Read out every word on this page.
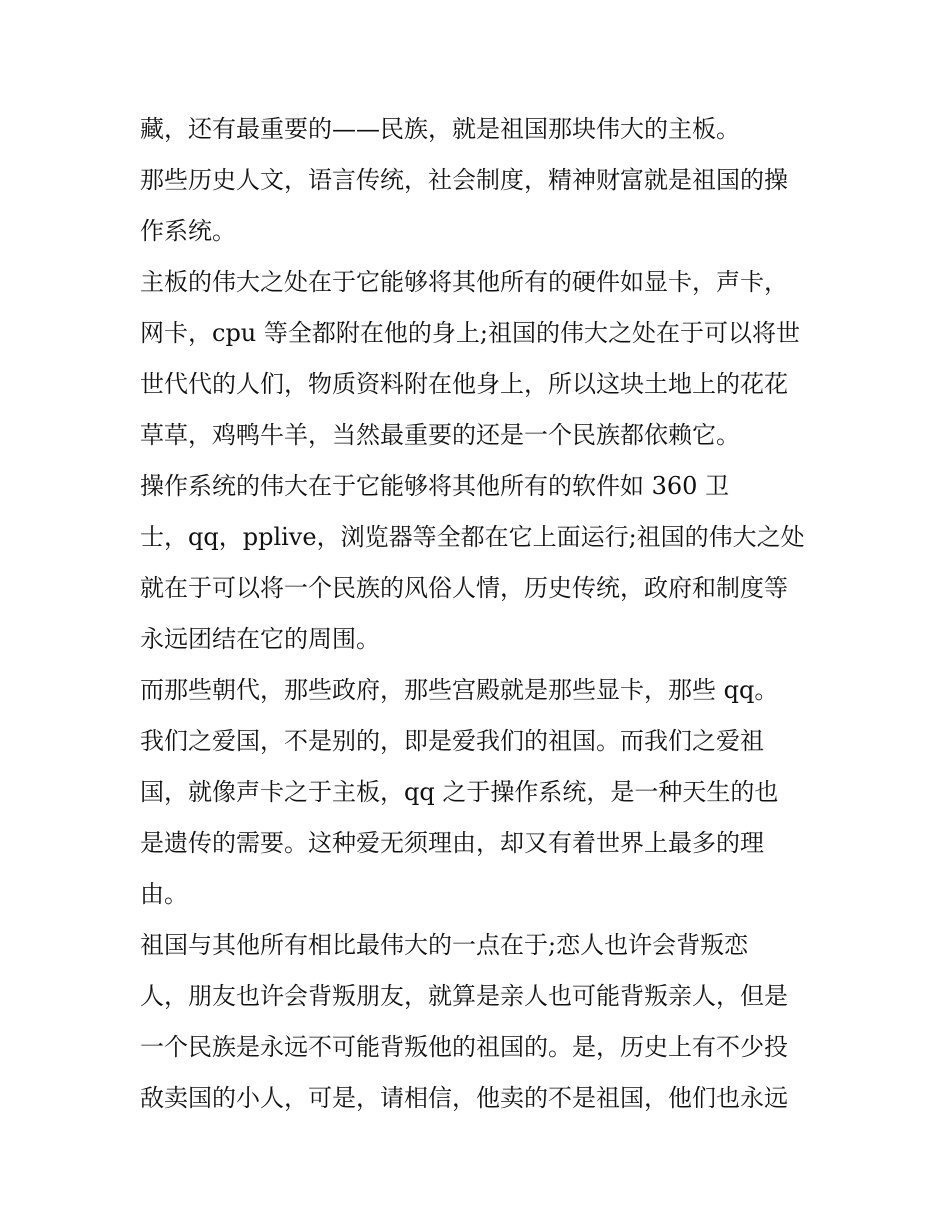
藏，还有最重要的——民族，就是祖国那块伟大的主板。
那些历史人文，语言传统，社会制度，精神财富就是祖国的操
作系统。
主板的伟大之处在于它能够将其他所有的硬件如显卡，声卡，
网卡，cpu 等全都附在他的身上;祖国的伟大之处在于可以将世
世代代的人们，物质资料附在他身上，所以这块土地上的花花
草草，鸡鸭牛羊，当然最重要的还是一个民族都依赖它。
操作系统的伟大在于它能够将其他所有的软件如 360 卫
士，qq，pplive，浏览器等全都在它上面运行;祖国的伟大之处
就在于可以将一个民族的风俗人情，历史传统，政府和制度等
永远团结在它的周围。
而那些朝代，那些政府，那些宫殿就是那些显卡，那些 qq。
我们之爱国，不是别的，即是爱我们的祖国。而我们之爱祖
国，就像声卡之于主板，qq 之于操作系统，是一种天生的也
是遗传的需要。这种爱无须理由，却又有着世界上最多的理
由。
祖国与其他所有相比最伟大的一点在于;恋人也许会背叛恋
人，朋友也许会背叛朋友，就算是亲人也可能背叛亲人，但是
一个民族是永远不可能背叛他的祖国的。是，历史上有不少投
敌卖国的小人，可是，请相信，他卖的不是祖国，他们也永远
